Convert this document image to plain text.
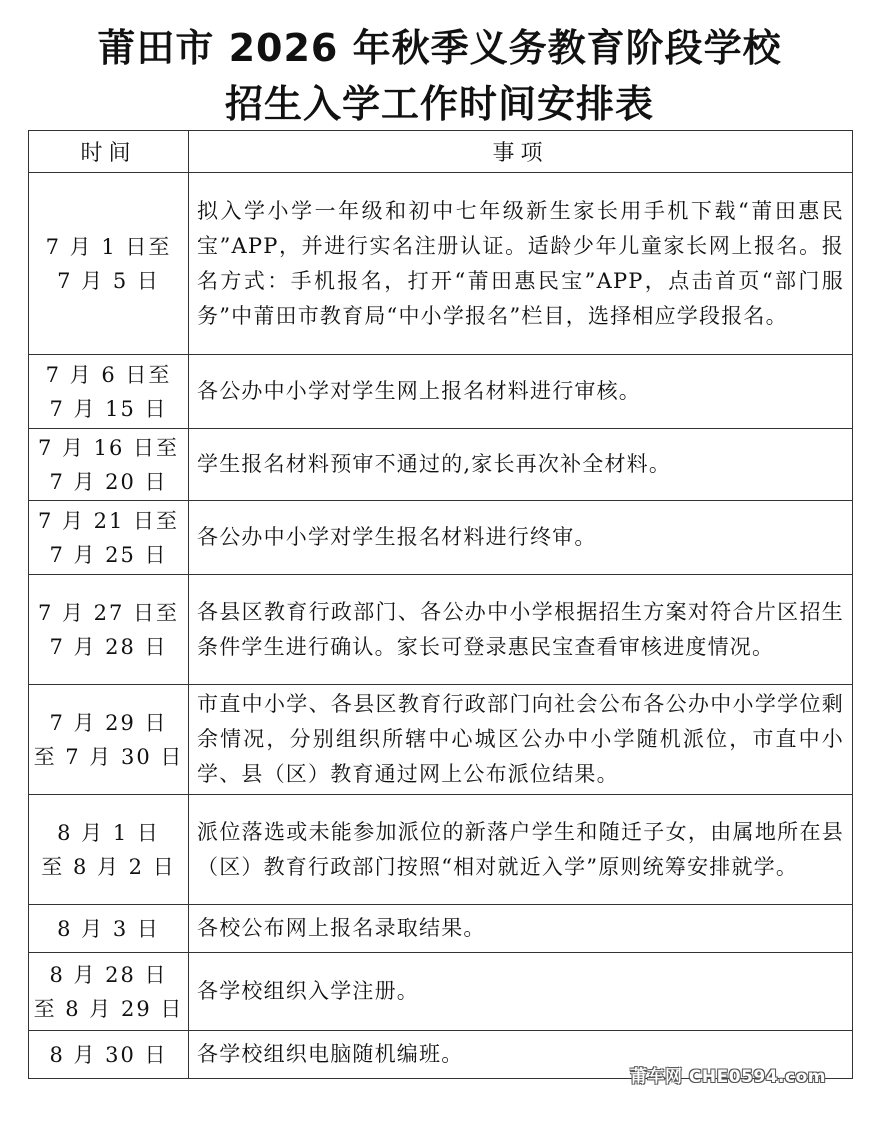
莆田市 2026 年秋季义务教育阶段学校
招生入学工作时间安排表
时间	事项
7 月 1 日至
7 月 5 日	拟入学小学一年级和初中七年级新生家长用手机下载“莆田惠民宝”APP，并进行实名注册认证。适龄少年儿童家长网上报名。报名方式：手机报名，打开“莆田惠民宝”APP，点击首页“部门服务”中莆田市教育局“中小学报名”栏目，选择相应学段报名。
7 月 6 日至
7 月 15 日	各公办中小学对学生网上报名材料进行审核。
7 月 16 日至
7 月 20 日	学生报名材料预审不通过的,家长再次补全材料。
7 月 21 日至
7 月 25 日	各公办中小学对学生报名材料进行终审。
7 月 27 日至
7 月 28 日	各县区教育行政部门、各公办中小学根据招生方案对符合片区招生条件学生进行确认。家长可登录惠民宝查看审核进度情况。
7 月 29 日
至 7 月 30 日	市直中小学、各县区教育行政部门向社会公布各公办中小学学位剩余情况，分别组织所辖中心城区公办中小学随机派位，市直中小学、县（区）教育通过网上公布派位结果。
8 月 1 日
至 8 月 2 日	派位落选或未能参加派位的新落户学生和随迁子女，由属地所在县（区）教育行政部门按照“相对就近入学”原则统筹安排就学。
8 月 3 日	各校公布网上报名录取结果。
8 月 28 日
至 8 月 29 日	各学校组织入学注册。
8 月 30 日	各学校组织电脑随机编班。
莆车网 CHE0594.com
